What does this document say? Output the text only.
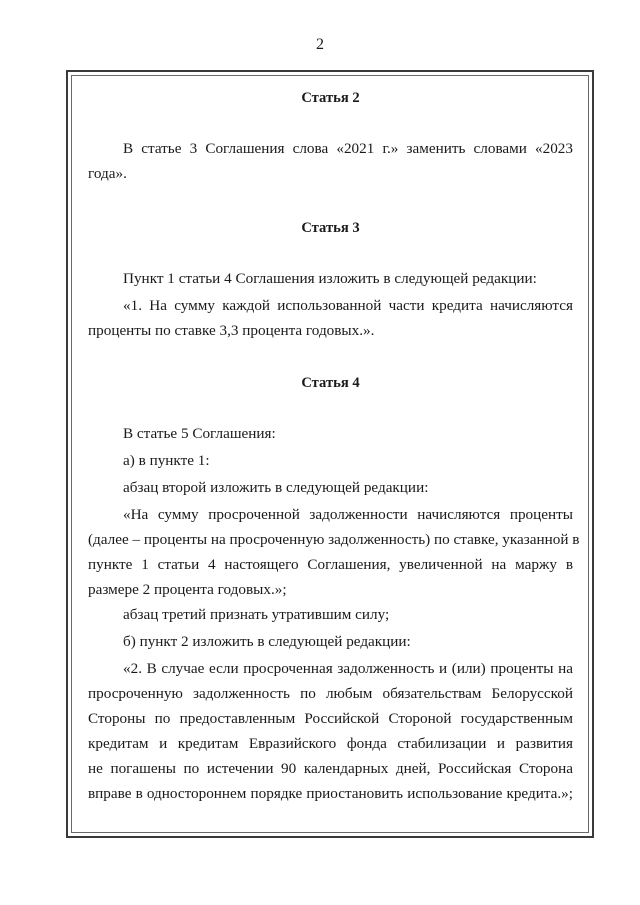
2
Статья 2
В статье 3 Соглашения слова «2021 г.» заменить словами «2023
года».
Статья 3
Пункт 1 статьи 4 Соглашения изложить в следующей редакции:
«1. На сумму каждой использованной части кредита начисляются
проценты по ставке 3,3 процента годовых.».
Статья 4
В статье 5 Соглашения:
а) в пункте 1:
абзац второй изложить в следующей редакции:
«На сумму просроченной задолженности начисляются проценты
(далее – проценты на просроченную задолженность) по ставке, указанной в
пункте 1 статьи 4 настоящего Соглашения, увеличенной на маржу в
размере 2 процента годовых.»;
абзац третий признать утратившим силу;
б) пункт 2 изложить в следующей редакции:
«2. В случае если просроченная задолженность и (или) проценты на
просроченную задолженность по любым обязательствам Белорусской
Стороны по предоставленным Российской Стороной государственным
кредитам и кредитам Евразийского фонда стабилизации и развития
не погашены по истечении 90 календарных дней, Российская Сторона
вправе в одностороннем порядке приостановить использование кредита.»;
